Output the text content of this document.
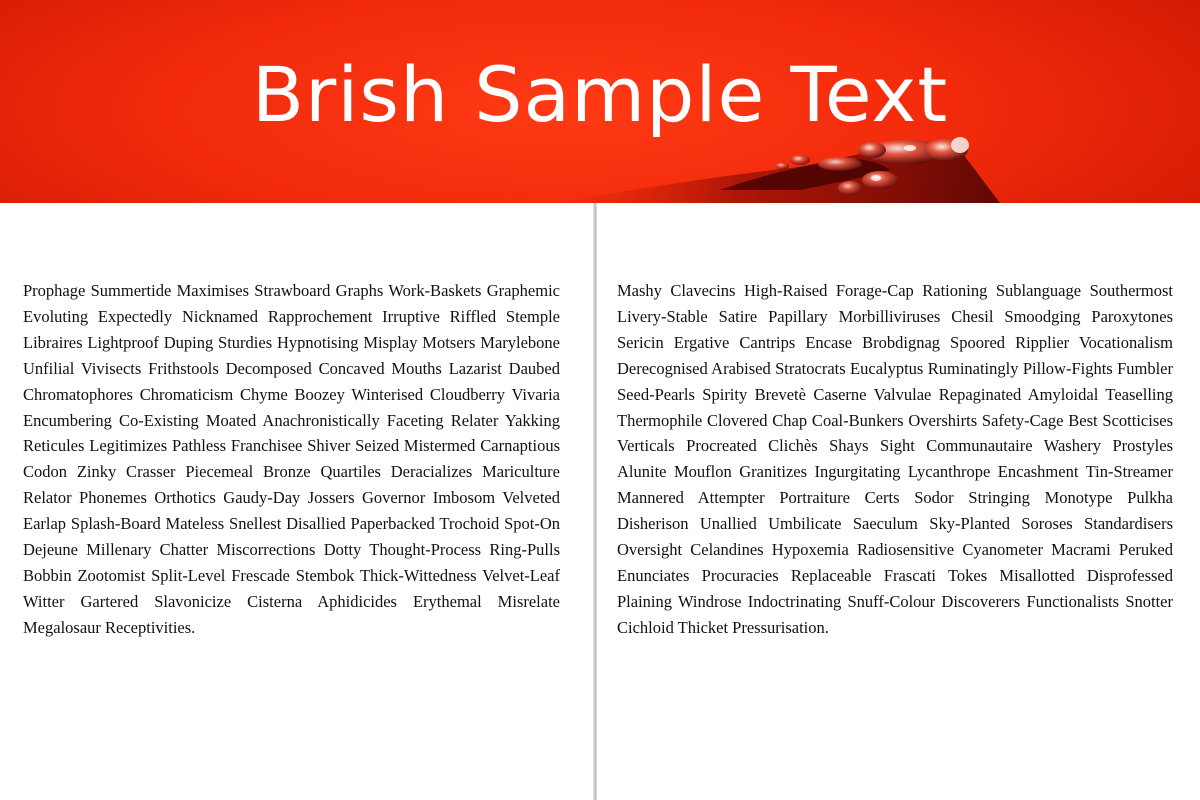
Brish Sample Text

Prophage Summertide Maximises Strawboard Graphs Work-Baskets Graphemic Evoluting Expectedly Nicknamed Rapprochement Irruptive Riffled Stemple Libraires Lightproof Duping Sturdies Hypnotising Misplay Motsers Marylebone Unfilial Vivisects Frithstools Decomposed Concaved Mouths Lazarist Daubed Chromatophores Chromaticism Chyme Boozey Winterised Cloudberry Vivaria Encumbering Co-Existing Moated Anachronistically Faceting Relater Yakking Reticules Legitimizes Pathless Franchisee Shiver Seized Mistermed Carnaptious Codon Zinky Crasser Piecemeal Bronze Quartiles Deracializes Mariculture Relator Phonemes Orthotics Gaudy-Day Jossers Governor Imbosom Velveted Earlap Splash-Board Mateless Snellest Disallied Paperbacked Trochoid Spot-On Dejeune Millenary Chatter Miscorrections Dotty Thought-Process Ring-Pulls Bobbin Zootomist Split-Level Frescade Stembok Thick-Wittedness Velvet-Leaf Witter Gartered Slavonicize Cisterna Aphidicides Erythemal Misrelate Megalosaur Receptivities.

Mashy Clavecins High-Raised Forage-Cap Rationing Sublanguage Southermost Livery-Stable Satire Papillary Morbilliviruses Chesil Smoodging Paroxytones Sericin Ergative Cantrips Encase Brobdignag Spoored Ripplier Vocationalism Derecognised Arabised Stratocrats Eucalyptus Ruminatingly Pillow-Fights Fumbler Seed-Pearls Spirity Brevetè Caserne Valvulae Repaginated Amyloidal Teaselling Thermophile Clovered Chap Coal-Bunkers Overshirts Safety-Cage Best Scotticises Verticals Procreated Clichès Shays Sight Communautaire Washery Prostyles Alunite Mouflon Granitizes Ingurgitating Lycanthrope Encashment Tin-Streamer Mannered Attempter Portraiture Certs Sodor Stringing Monotype Pulkha Disherison Unallied Umbilicate Saeculum Sky-Planted Soroses Standardisers Oversight Celandines Hypoxemia Radiosensitive Cyanometer Macrami Peruked Enunciates Procuracies Replaceable Frascati Tokes Misallotted Disprofessed Plaining Windrose Indoctrinating Snuff-Colour Discoverers Functionalists Snotter Cichloid Thicket Pressurisation.
